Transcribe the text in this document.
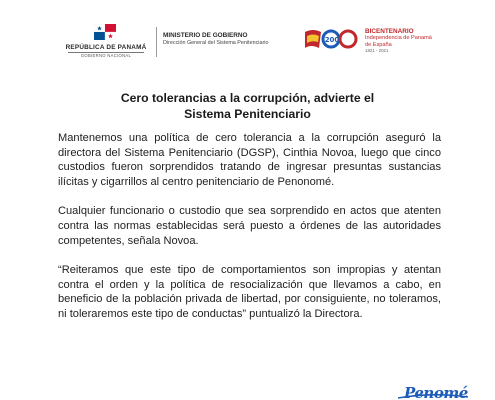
REPÚBLICA DE PANAMÁ
GOBIERNO NACIONAL
MINISTERIO DE GOBIERNO
Dirección General del Sistema Penitenciario	200
BICENTENARIO
Independencia de Panamá
de España
1821 - 2021
Cero tolerancias a la corrupción, advierte el
Sistema Penitenciario

Mantenemos una política de cero tolerancia a la corrupción aseguró la directora del Sistema Penitenciario (DGSP), Cinthia Novoa, luego que cinco custodios fueron sorprendidos tratando de ingresar presuntas sustancias ilícitas y cigarrillos al centro penitenciario de Penonomé.

Cualquier funcionario o custodio que sea sorprendido en actos que atenten contra las normas establecidas será puesto a órdenes de las autoridades competentes, señala Novoa.

“Reiteramos que este tipo de comportamientos son impropias y atentan contra el orden y la política de resocialización que llevamos a cabo, en beneficio de la población privada de libertad, por consiguiente, no toleramos, ni toleraremos este tipo de conductas” puntualizó la Directora.

Penomé
